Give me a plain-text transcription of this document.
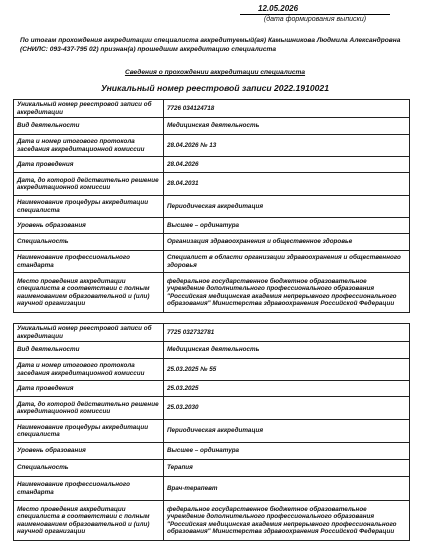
12.05.2026
(дата формирования выписки)
По итогам прохождения аккредитации специалиста аккредитуемый(ая) Камышникова Людмила Александровна (СНИЛС: 093-437-795 02) признан(а) прошедшим аккредитацию специалиста
Сведения о прохождении аккредитации специалиста
Уникальный номер реестровой записи 2022.1910021
Уникальный номер реестровой записи об аккредитации	7726 034124718
Вид деятельности	Медицинская деятельность
Дата и номер итогового протокола заседания аккредитационной комиссии	28.04.2026 № 13
Дата проведения	28.04.2026
Дата, до которой действительно решение аккредитационной комиссии	28.04.2031
Наименование процедуры аккредитации специалиста	Периодическая аккредитация
Уровень образования	Высшее – ординатура
Специальность	Организация здравоохранения и общественное здоровье
Наименование профессионального стандарта	Специалист в области организации здравоохранения и общественного здоровья
Место проведения аккредитации специалиста в соответствии с полным наименованием образовательной и (или) научной организации	федеральное государственное бюджетное образовательное учреждение дополнительного профессионального образования "Российская медицинская академия непрерывного профессионального образования" Министерства здравоохранения Российской Федерации
Уникальный номер реестровой записи об аккредитации	7725 032732781
Вид деятельности	Медицинская деятельность
Дата и номер итогового протокола заседания аккредитационной комиссии	25.03.2025 № 55
Дата проведения	25.03.2025
Дата, до которой действительно решение аккредитационной комиссии	25.03.2030
Наименование процедуры аккредитации специалиста	Периодическая аккредитация
Уровень образования	Высшее – ординатура
Специальность	Терапия
Наименование профессионального стандарта	Врач-терапевт
Место проведения аккредитации специалиста в соответствии с полным наименованием образовательной и (или) научной организации	федеральное государственное бюджетное образовательное учреждение дополнительного профессионального образования "Российская медицинская академия непрерывного профессионального образования" Министерства здравоохранения Российской Федерации
